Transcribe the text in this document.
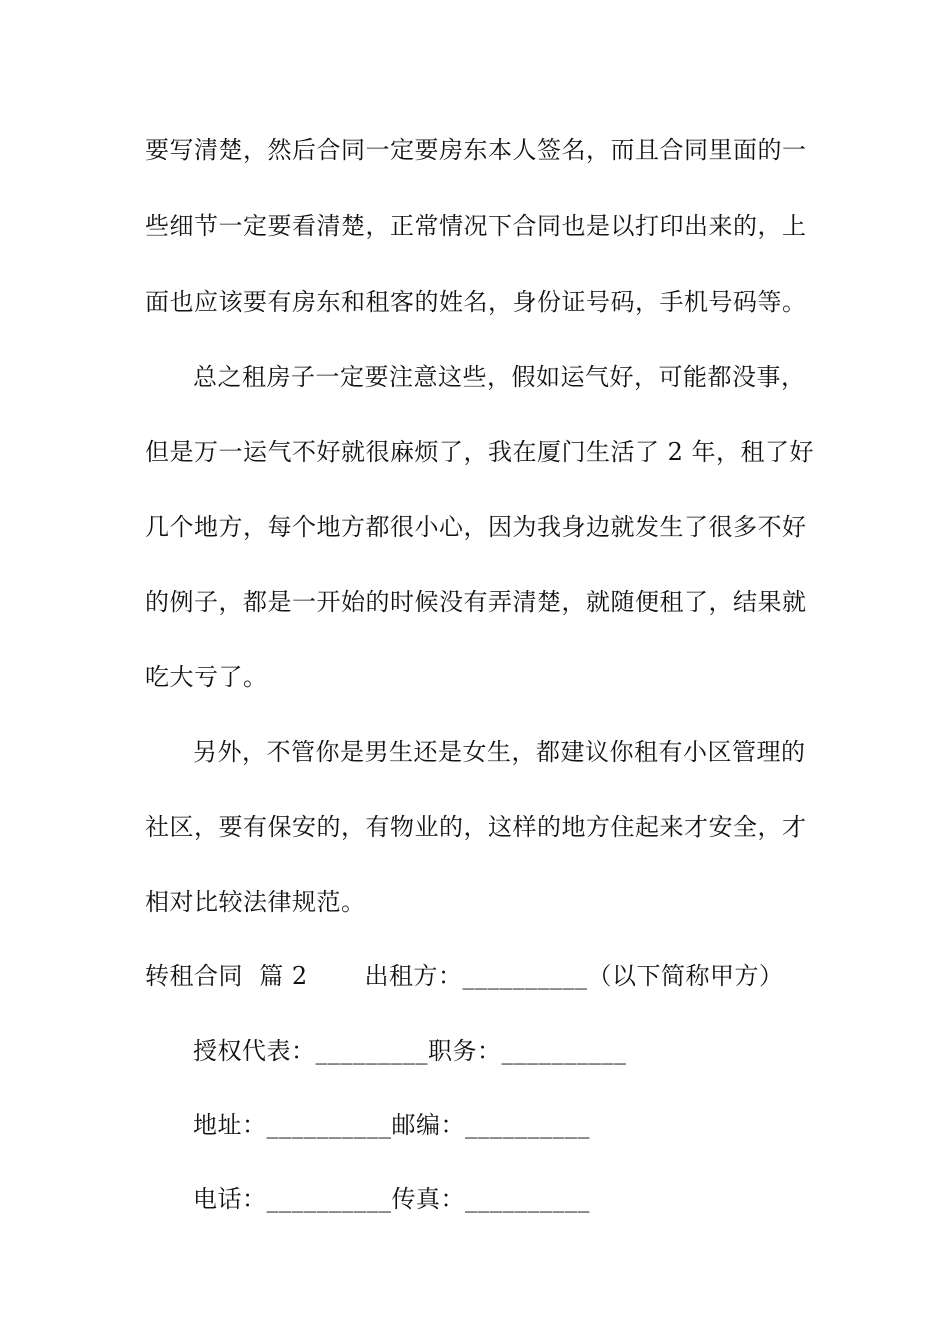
要写清楚，然后合同一定要房东本人签名，而且合同里面的一
些细节一定要看清楚，正常情况下合同也是以打印出来的，上
面也应该要有房东和租客的姓名，身份证号码，手机号码等。
总之租房子一定要注意这些，假如运气好，可能都没事，
但是万一运气不好就很麻烦了，我在厦门生活了 2 年，租了好
几个地方，每个地方都很小心，因为我身边就发生了很多不好
的例子，都是一开始的时候没有弄清楚，就随便租了，结果就
吃大亏了。
另外，不管你是男生还是女生，都建议你租有小区管理的
社区，要有保安的，有物业的，这样的地方住起来才安全，才
相对比较法律规范。
转租合同  篇 2       出租方：__________（以下简称甲方）
授权代表：_________职务：__________
地址：__________邮编：__________
电话：__________传真：__________
